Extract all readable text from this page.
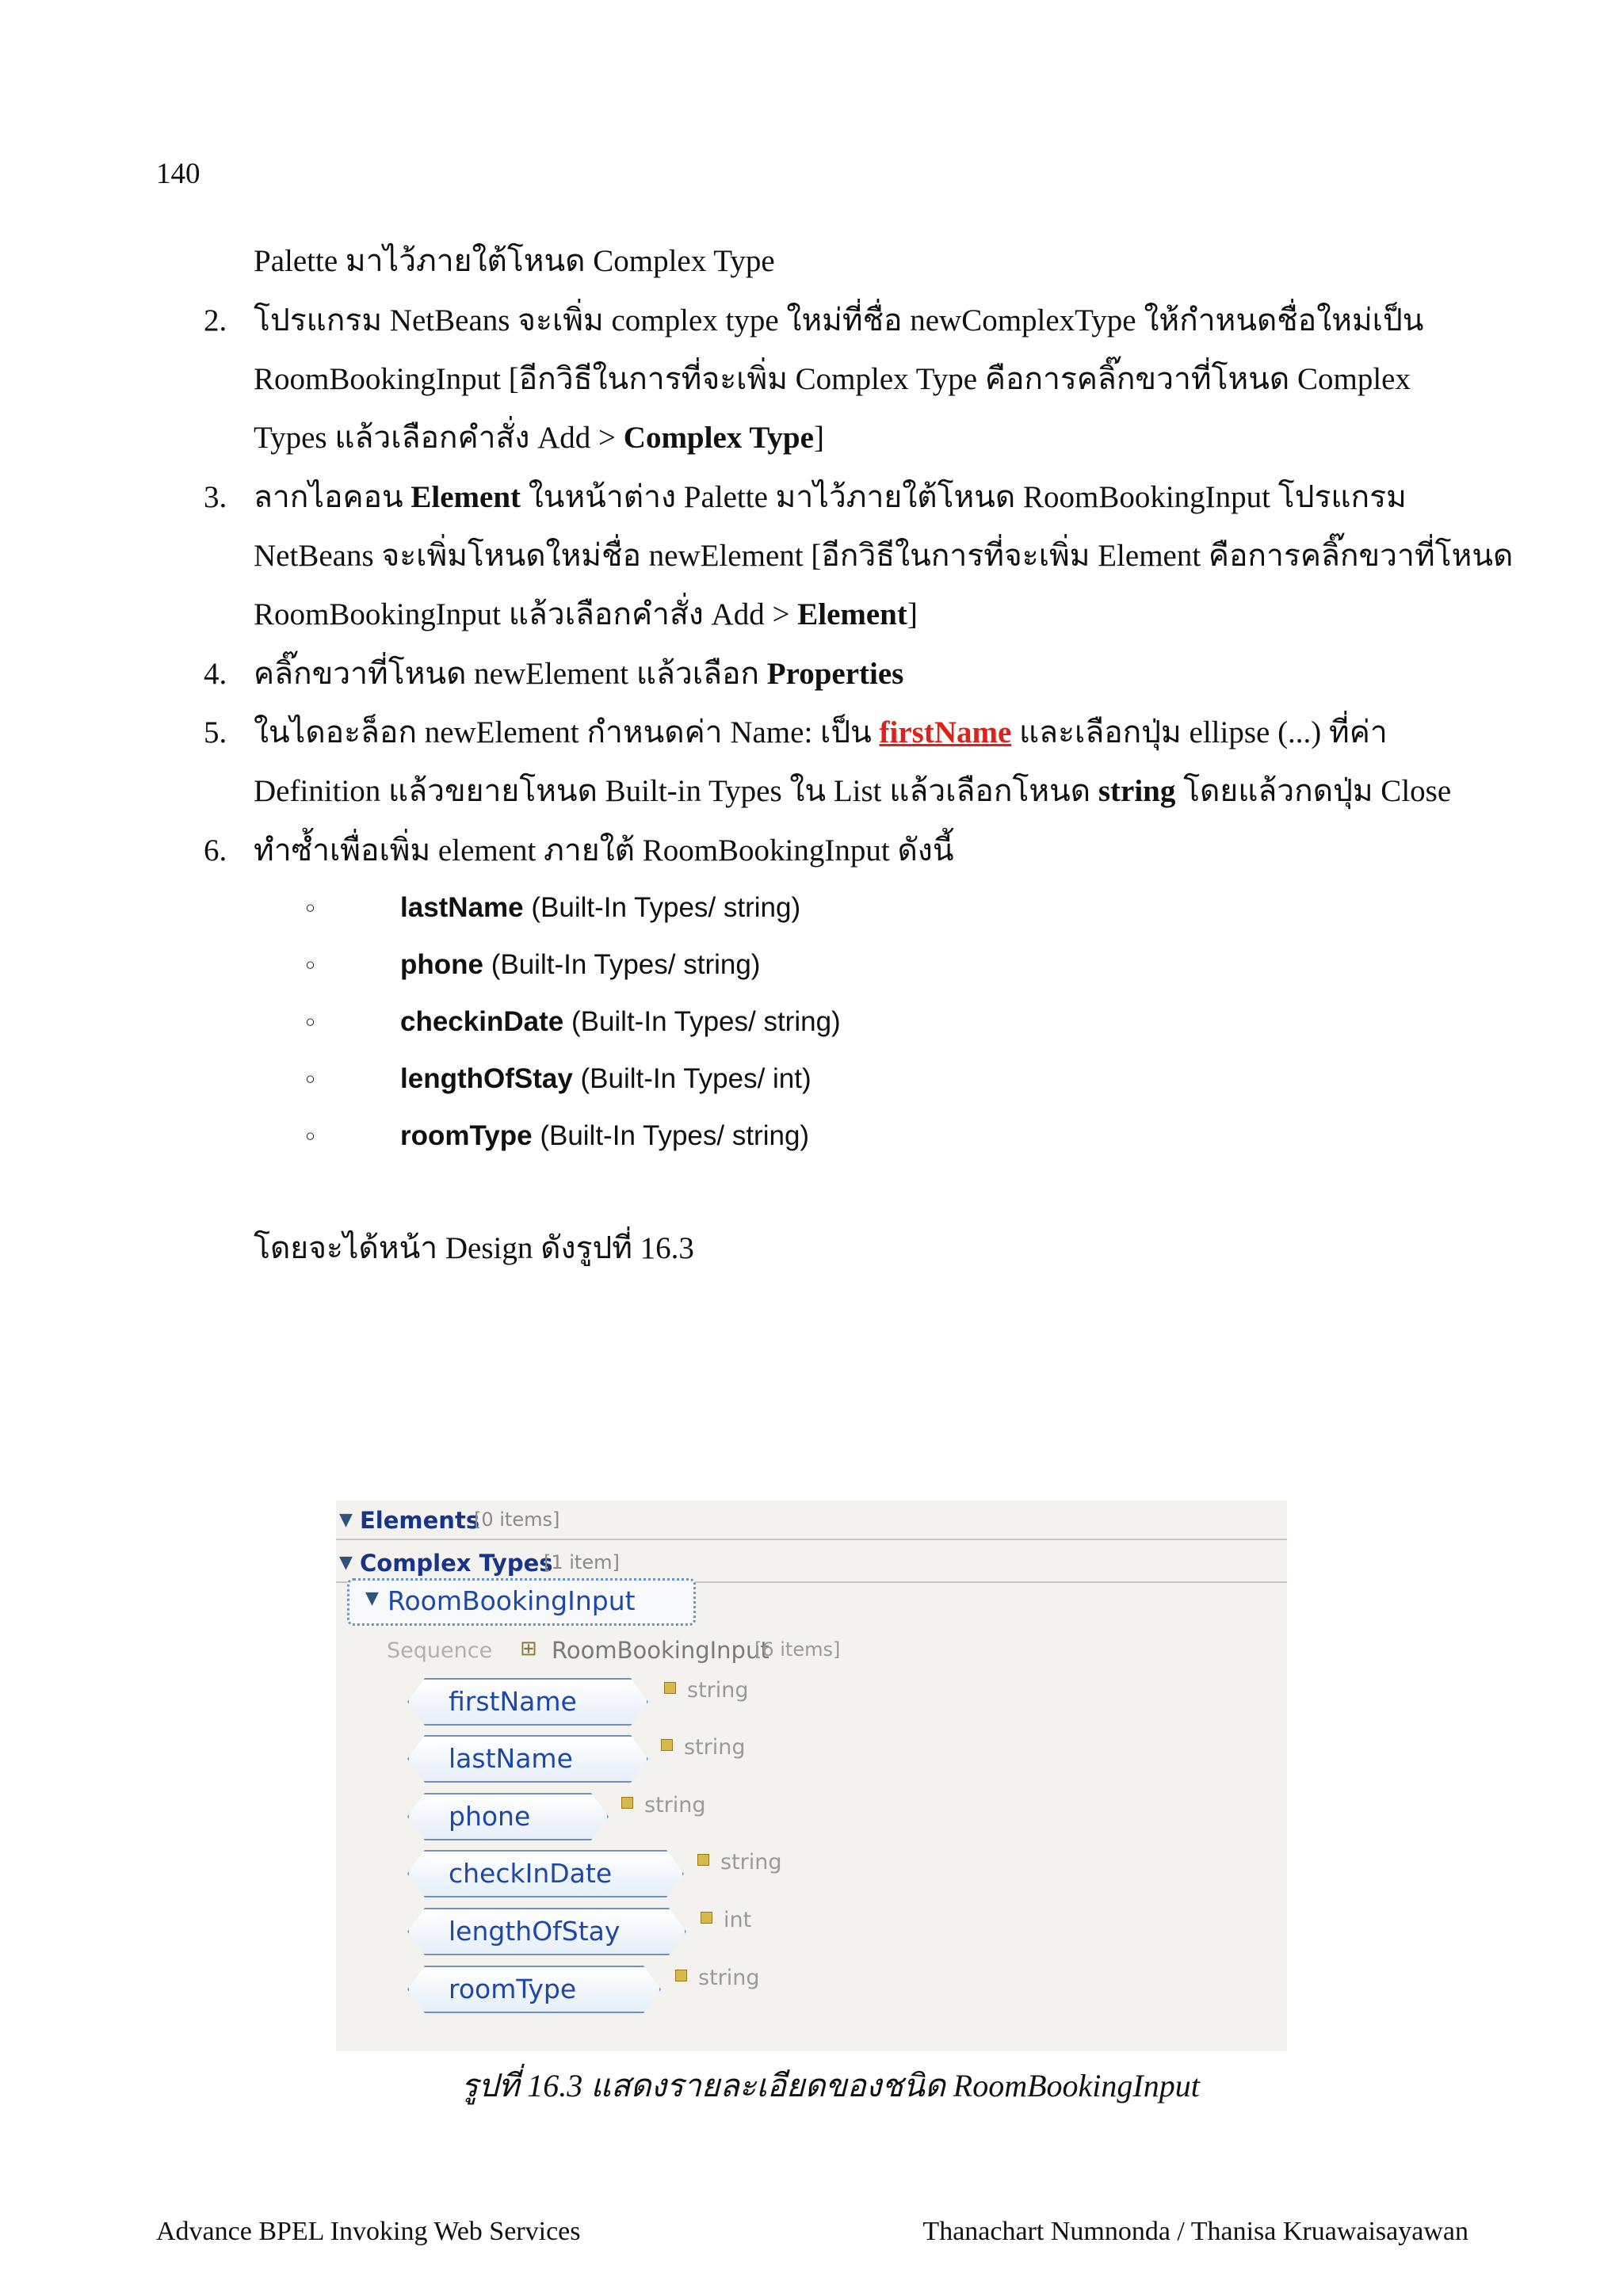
140
Palette มาไว้ภายใต้โหนด Complex Type
2. โปรแกรม NetBeans จะเพิ่ม complex type ใหม่ที่ชื่อ newComplexType ให้กำหนดชื่อใหม่เป็น
RoomBookingInput [อีกวิธีในการที่จะเพิ่ม Complex Type คือการคลิ๊กขวาที่โหนด Complex
Types แล้วเลือกคำสั่ง Add > Complex Type]
3. ลากไอคอน Element ในหน้าต่าง Palette มาไว้ภายใต้โหนด RoomBookingInput โปรแกรม
NetBeans จะเพิ่มโหนดใหม่ชื่อ newElement [อีกวิธีในการที่จะเพิ่ม Element คือการคลิ๊กขวาที่โหนด
RoomBookingInput แล้วเลือกคำสั่ง Add > Element]
4. คลิ๊กขวาที่โหนด newElement แล้วเลือก Properties
5. ในไดอะล็อก newElement กำหนดค่า Name: เป็น firstName และเลือกปุ่ม ellipse (...) ที่ค่า
Definition แล้วขยายโหนด Built-in Types ใน List แล้วเลือกโหนด string โดยแล้วกดปุ่ม Close
6. ทำซ้ำเพื่อเพิ่ม element ภายใต้ RoomBookingInput ดังนี้
◦	lastName (Built-In Types/ string)
◦	phone (Built-In Types/ string)
◦	checkinDate (Built-In Types/ string)
◦	lengthOfStay (Built-In Types/ int)
◦	roomType (Built-In Types/ string)
โดยจะได้หน้า Design ดังรูปที่ 16.3
▼ Elements
[0 items]
▼ Complex Types
[1 item]
▼ RoomBookingInput
Sequence ⊞ RoomBookingInput
[6 items]
firstName	string
lastName	string
phone	string
checkInDate	string
lengthOfStay	int
roomType	string
รูปที่ 16.3 แสดงรายละเอียดของชนิด RoomBookingInput
Advance BPEL Invoking Web Services	Thanachart Numnonda / Thanisa Kruawaisayawan
